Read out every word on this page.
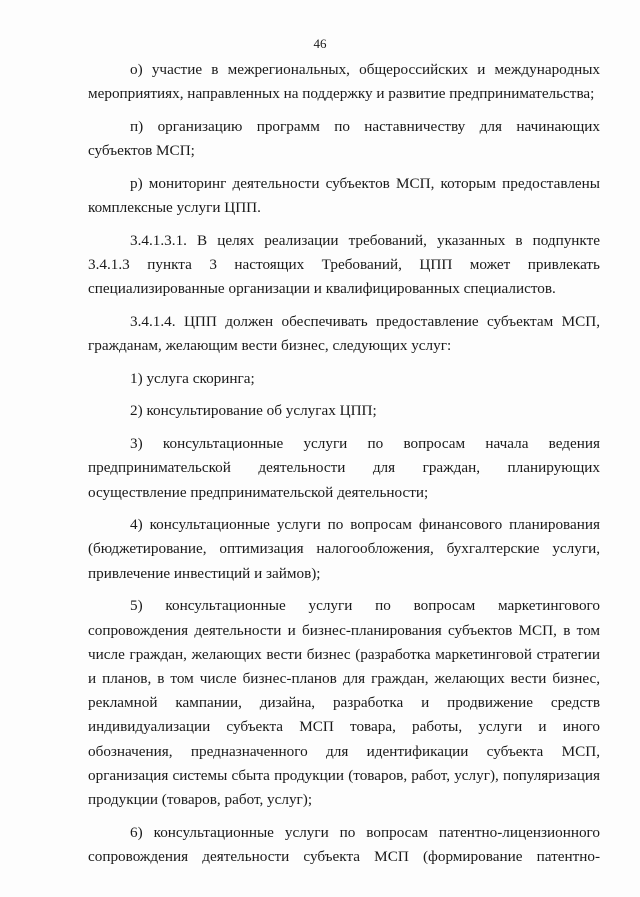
46

о) участие в межрегиональных, общероссийских и международных мероприятиях, направленных на поддержку и развитие предпринимательства;

п) организацию программ по наставничеству для начинающих субъектов МСП;

р) мониторинг деятельности субъектов МСП, которым предоставлены комплексные услуги ЦПП.

3.4.1.3.1. В целях реализации требований, указанных в подпункте 3.4.1.3 пункта 3 настоящих Требований, ЦПП может привлекать специализированные организации и квалифицированных специалистов.

3.4.1.4. ЦПП должен обеспечивать предоставление субъектам МСП, гражданам, желающим вести бизнес, следующих услуг:

1) услуга скоринга;

2) консультирование об услугах ЦПП;

3) консультационные услуги по вопросам начала ведения предпринимательской деятельности для граждан, планирующих осуществление предпринимательской деятельности;

4) консультационные услуги по вопросам финансового планирования (бюджетирование, оптимизация налогообложения, бухгалтерские услуги, привлечение инвестиций и займов);

5) консультационные услуги по вопросам маркетингового сопровождения деятельности и бизнес-планирования субъектов МСП, в том числе граждан, желающих вести бизнес (разработка маркетинговой стратегии и планов, в том числе бизнес-планов для граждан, желающих вести бизнес, рекламной кампании, дизайна, разработка и продвижение средств индивидуализации субъекта МСП товара, работы, услуги и иного обозначения, предназначенного для идентификации субъекта МСП, организация системы сбыта продукции (товаров, работ, услуг), популяризация продукции (товаров, работ, услуг);

6) консультационные услуги по вопросам патентно-лицензионного сопровождения деятельности субъекта МСП (формирование патентно-
